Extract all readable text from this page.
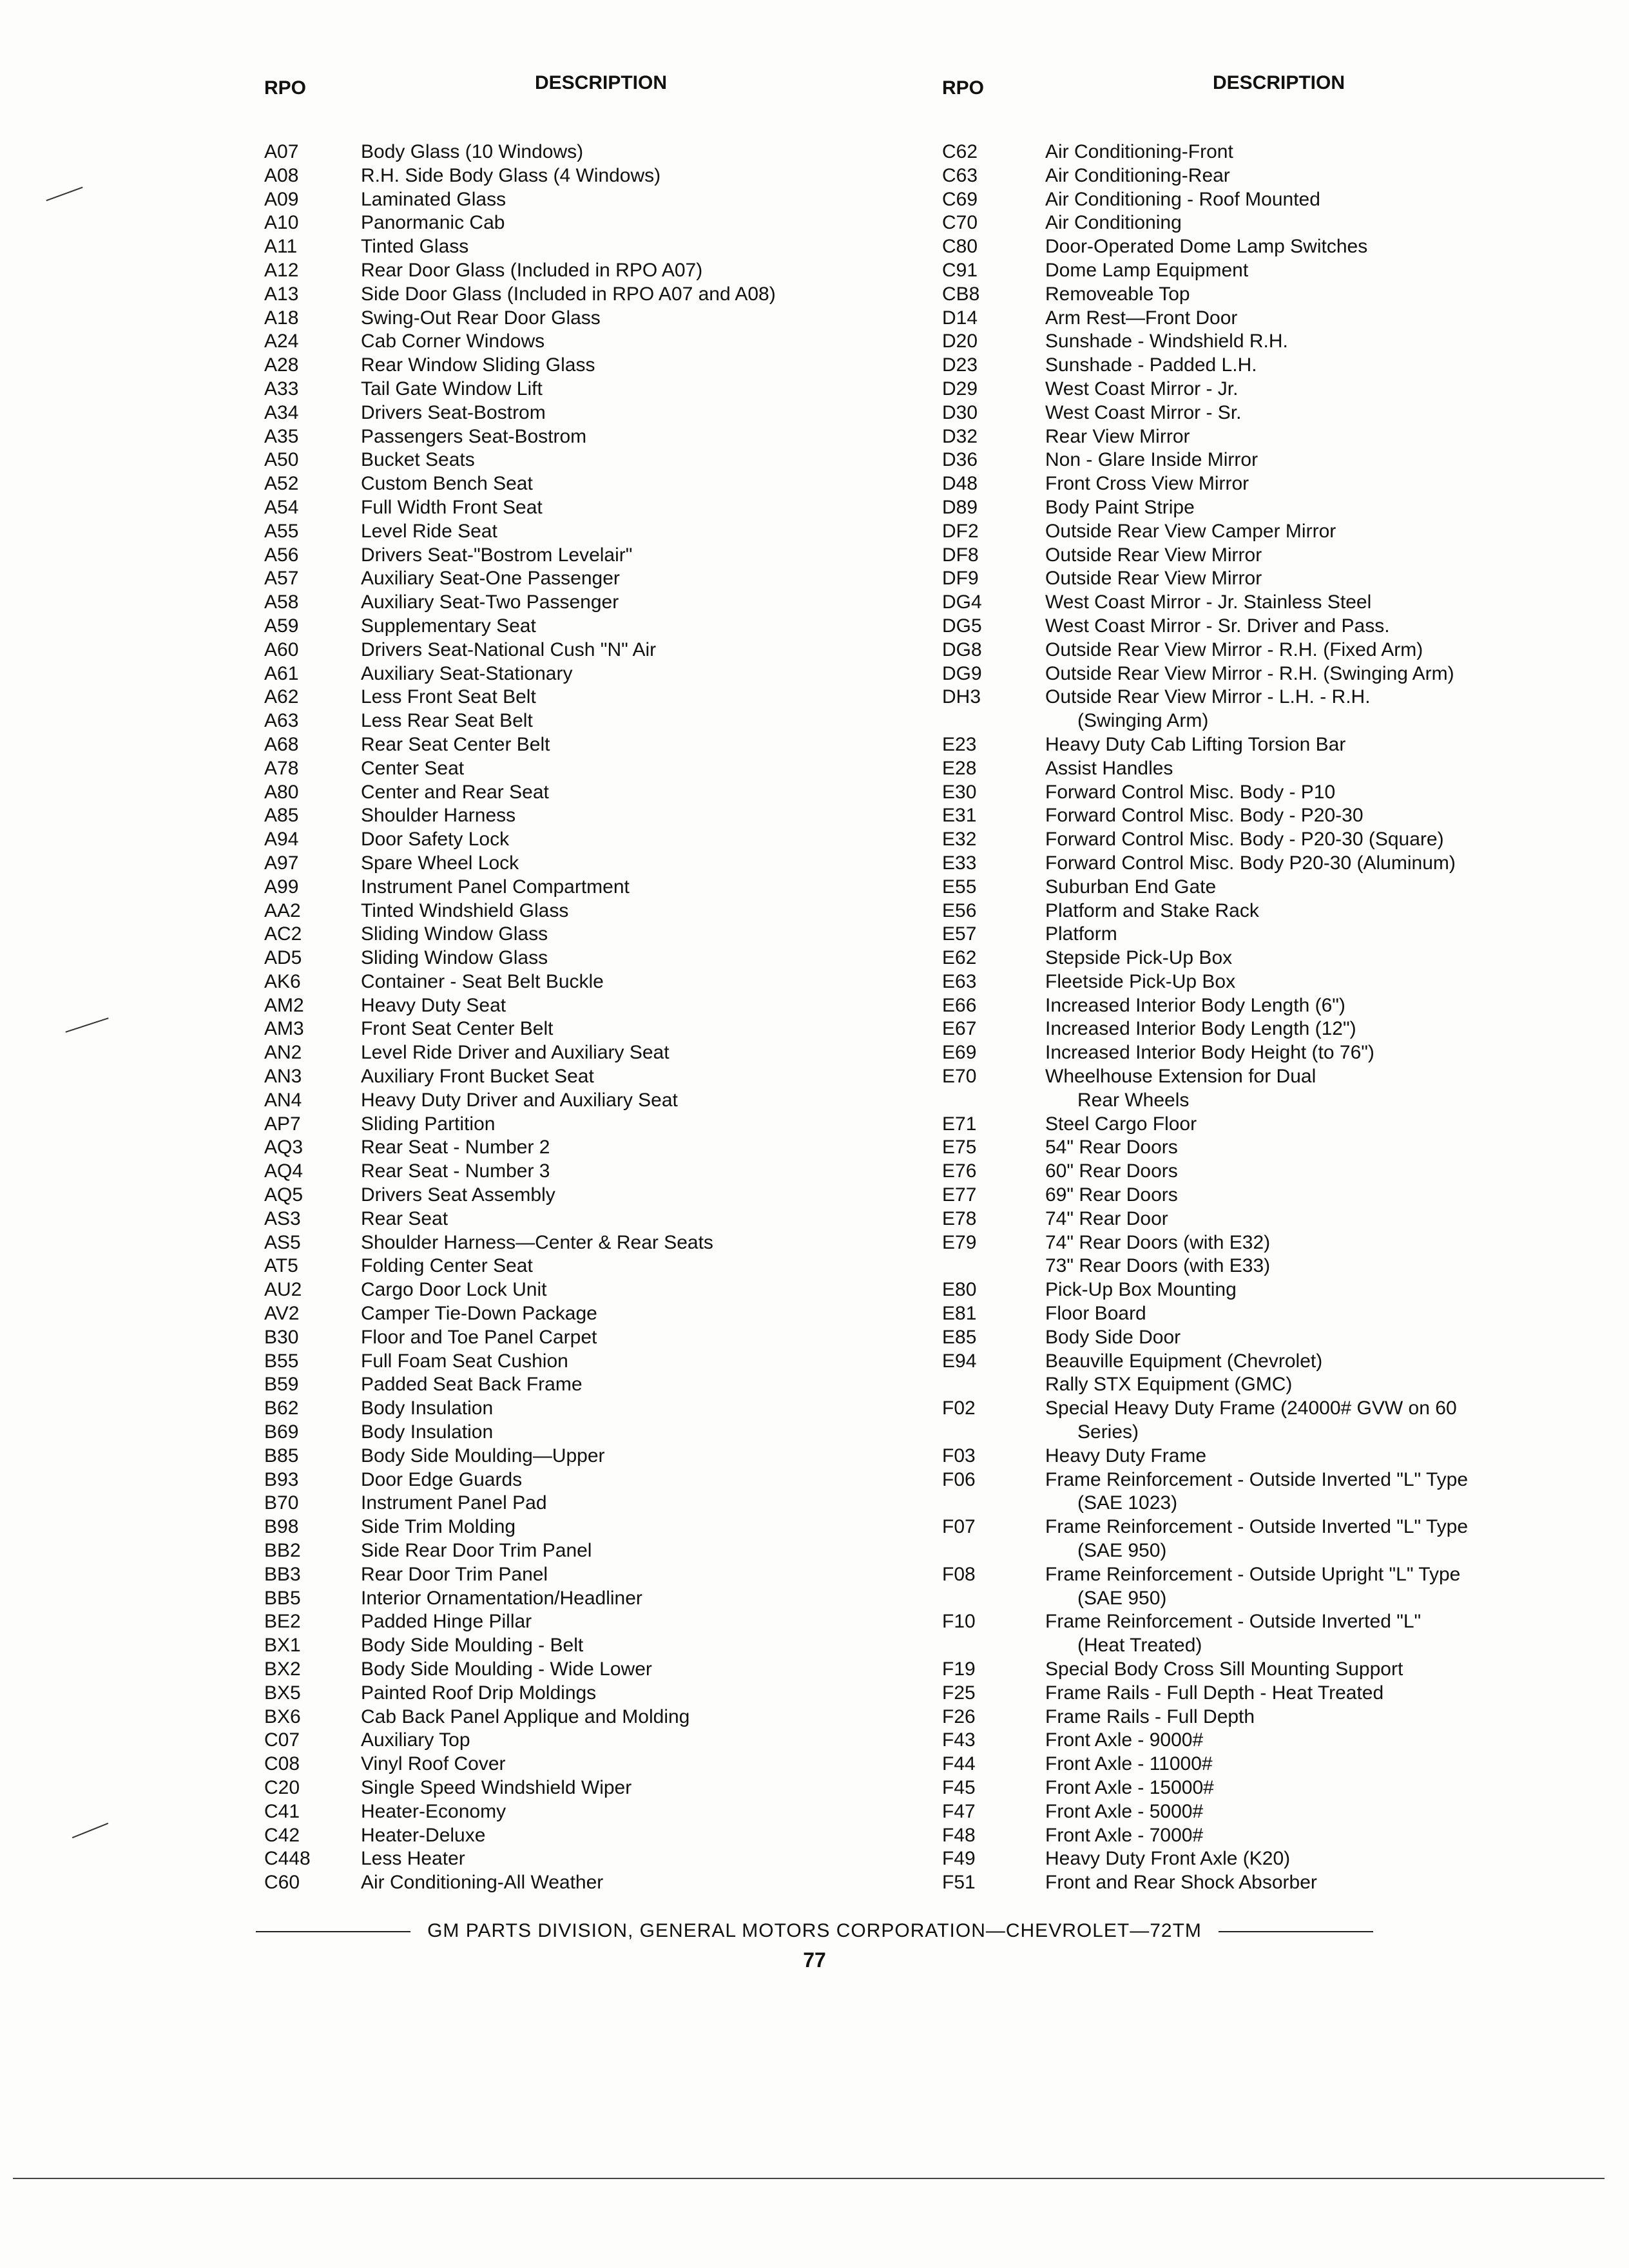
RPO	DESCRIPTION
A07	Body Glass (10 Windows)
A08	R.H. Side Body Glass (4 Windows)
A09	Laminated Glass
A10	Panormanic Cab
A11	Tinted Glass
A12	Rear Door Glass (Included in RPO A07)
A13	Side Door Glass (Included in RPO A07 and A08)
A18	Swing-Out Rear Door Glass
A24	Cab Corner Windows
A28	Rear Window Sliding Glass
A33	Tail Gate Window Lift
A34	Drivers Seat-Bostrom
A35	Passengers Seat-Bostrom
A50	Bucket Seats
A52	Custom Bench Seat
A54	Full Width Front Seat
A55	Level Ride Seat
A56	Drivers Seat-"Bostrom Levelair"
A57	Auxiliary Seat-One Passenger
A58	Auxiliary Seat-Two Passenger
A59	Supplementary Seat
A60	Drivers Seat-National Cush "N" Air
A61	Auxiliary Seat-Stationary
A62	Less Front Seat Belt
A63	Less Rear Seat Belt
A68	Rear Seat Center Belt
A78	Center Seat
A80	Center and Rear Seat
A85	Shoulder Harness
A94	Door Safety Lock
A97	Spare Wheel Lock
A99	Instrument Panel Compartment
AA2	Tinted Windshield Glass
AC2	Sliding Window Glass
AD5	Sliding Window Glass
AK6	Container - Seat Belt Buckle
AM2	Heavy Duty Seat
AM3	Front Seat Center Belt
AN2	Level Ride Driver and Auxiliary Seat
AN3	Auxiliary Front Bucket Seat
AN4	Heavy Duty Driver and Auxiliary Seat
AP7	Sliding Partition
AQ3	Rear Seat - Number 2
AQ4	Rear Seat - Number 3
AQ5	Drivers Seat Assembly
AS3	Rear Seat
AS5	Shoulder Harness—Center & Rear Seats
AT5	Folding Center Seat
AU2	Cargo Door Lock Unit
AV2	Camper Tie-Down Package
B30	Floor and Toe Panel Carpet
B55	Full Foam Seat Cushion
B59	Padded Seat Back Frame
B62	Body Insulation
B69	Body Insulation
B85	Body Side Moulding—Upper
B93	Door Edge Guards
B70	Instrument Panel Pad
B98	Side Trim Molding
BB2	Side Rear Door Trim Panel
BB3	Rear Door Trim Panel
BB5	Interior Ornamentation/Headliner
BE2	Padded Hinge Pillar
BX1	Body Side Moulding - Belt
BX2	Body Side Moulding - Wide Lower
BX5	Painted Roof Drip Moldings
BX6	Cab Back Panel Applique and Molding
C07	Auxiliary Top
C08	Vinyl Roof Cover
C20	Single Speed Windshield Wiper
C41	Heater-Economy
C42	Heater-Deluxe
C448	Less Heater
C60	Air Conditioning-All Weather
RPO	DESCRIPTION
C62	Air Conditioning-Front
C63	Air Conditioning-Rear
C69	Air Conditioning - Roof Mounted
C70	Air Conditioning
C80	Door-Operated Dome Lamp Switches
C91	Dome Lamp Equipment
CB8	Removeable Top
D14	Arm Rest—Front Door
D20	Sunshade - Windshield R.H.
D23	Sunshade - Padded L.H.
D29	West Coast Mirror - Jr.
D30	West Coast Mirror - Sr.
D32	Rear View Mirror
D36	Non - Glare Inside Mirror
D48	Front Cross View Mirror
D89	Body Paint Stripe
DF2	Outside Rear View Camper Mirror
DF8	Outside Rear View Mirror
DF9	Outside Rear View Mirror
DG4	West Coast Mirror - Jr. Stainless Steel
DG5	West Coast Mirror - Sr. Driver and Pass.
DG8	Outside Rear View Mirror - R.H. (Fixed Arm)
DG9	Outside Rear View Mirror - R.H. (Swinging Arm)
DH3	Outside Rear View Mirror - L.H. - R.H.
(Swinging Arm)
E23	Heavy Duty Cab Lifting Torsion Bar
E28	Assist Handles
E30	Forward Control Misc. Body - P10
E31	Forward Control Misc. Body - P20-30
E32	Forward Control Misc. Body - P20-30 (Square)
E33	Forward Control Misc. Body P20-30 (Aluminum)
E55	Suburban End Gate
E56	Platform and Stake Rack
E57	Platform
E62	Stepside Pick-Up Box
E63	Fleetside Pick-Up Box
E66	Increased Interior Body Length (6")
E67	Increased Interior Body Length (12")
E69	Increased Interior Body Height (to 76")
E70	Wheelhouse Extension for Dual
Rear Wheels
E71	Steel Cargo Floor
E75	54" Rear Doors
E76	60" Rear Doors
E77	69" Rear Doors
E78	74" Rear Door
E79	74" Rear Doors (with E32)
73" Rear Doors (with E33)
E80	Pick-Up Box Mounting
E81	Floor Board
E85	Body Side Door
E94	Beauville Equipment (Chevrolet)
Rally STX Equipment (GMC)
F02	Special Heavy Duty Frame (24000# GVW on 60
Series)
F03	Heavy Duty Frame
F06	Frame Reinforcement - Outside Inverted "L" Type
(SAE 1023)
F07	Frame Reinforcement - Outside Inverted "L" Type
(SAE 950)
F08	Frame Reinforcement - Outside Upright "L" Type
(SAE 950)
F10	Frame Reinforcement - Outside Inverted "L"
(Heat Treated)
F19	Special Body Cross Sill Mounting Support
F25	Frame Rails - Full Depth - Heat Treated
F26	Frame Rails - Full Depth
F43	Front Axle - 9000#
F44	Front Axle - 11000#
F45	Front Axle - 15000#
F47	Front Axle - 5000#
F48	Front Axle - 7000#
F49	Heavy Duty Front Axle (K20)
F51	Front and Rear Shock Absorber
GM PARTS DIVISION, GENERAL MOTORS CORPORATION—CHEVROLET—72TM
77
